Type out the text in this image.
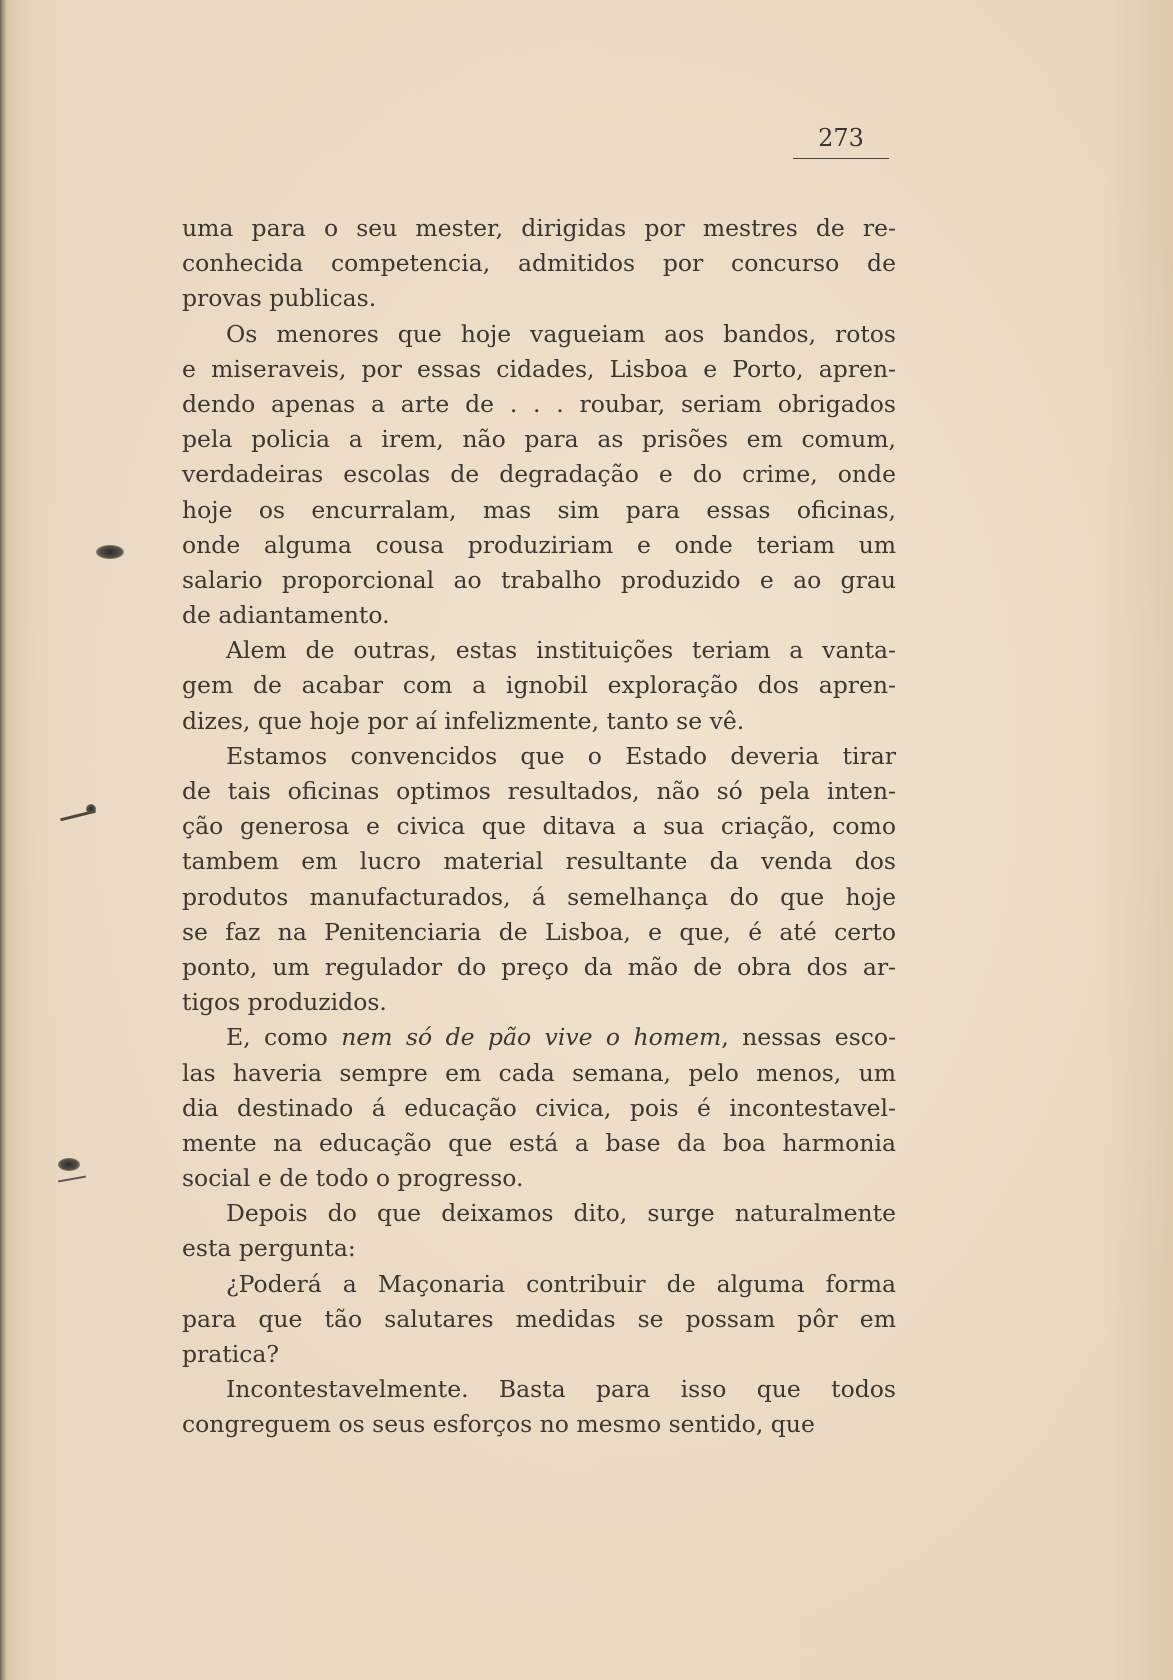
273
uma para o seu mester, dirigidas por mestres de re-
conhecida competencia, admitidos por concurso de
provas publicas.
Os menores que hoje vagueiam aos bandos, rotos
e miseraveis, por essas cidades, Lisboa e Porto, apren-
dendo apenas a arte de . . . roubar, seriam obrigados
pela policia a irem, não para as prisões em comum,
verdadeiras escolas de degradação e do crime, onde
hoje os encurralam, mas sim para essas oficinas,
onde alguma cousa produziriam e onde teriam um
salario proporcional ao trabalho produzido e ao grau
de adiantamento.
Alem de outras, estas instituições teriam a vanta-
gem de acabar com a ignobil exploração dos apren-
dizes, que hoje por aí infelizmente, tanto se vê.
Estamos convencidos que o Estado deveria tirar
de tais oficinas optimos resultados, não só pela inten-
ção generosa e civica que ditava a sua criação, como
tambem em lucro material resultante da venda dos
produtos manufacturados, á semelhança do que hoje
se faz na Penitenciaria de Lisboa, e que, é até certo
ponto, um regulador do preço da mão de obra dos ar-
tigos produzidos.
E, como nem só de pão vive o homem, nessas esco-
las haveria sempre em cada semana, pelo menos, um
dia destinado á educação civica, pois é incontestavel-
mente na educação que está a base da boa harmonia
social e de todo o progresso.
Depois do que deixamos dito, surge naturalmente
esta pergunta:
¿Poderá a Maçonaria contribuir de alguma forma
para que tão salutares medidas se possam pôr em
pratica?
Incontestavelmente. Basta para isso que todos
congreguem os seus esforços no mesmo sentido, que
